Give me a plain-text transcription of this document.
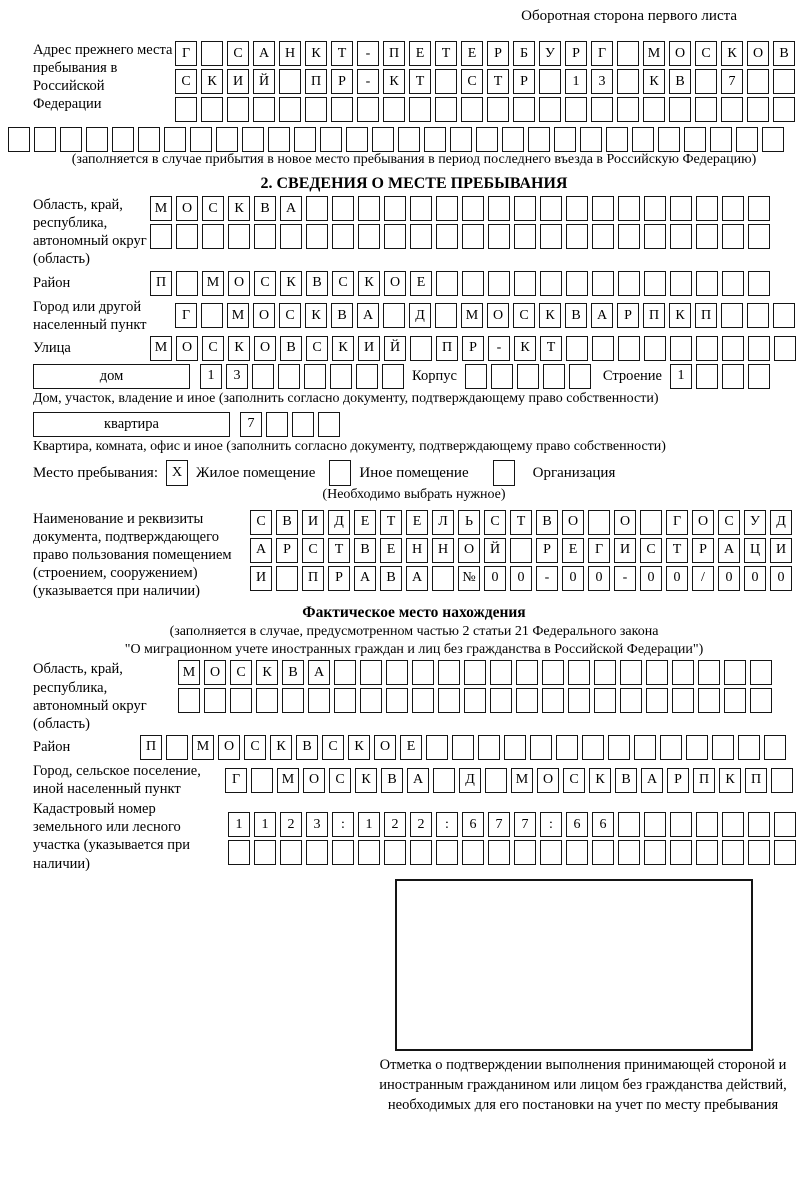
Оборотная сторона первого листа
Адрес прежнего места пребывания в Российской Федерации
Г	С	А	Н	К	Т	-	П	Е	Т	Е	Р	Б	У	Р	Г	М	О	С	К	О	В
С	К	И	Й	П	Р	-	К	Т	С	Т	Р	1	3	К	В	7
(заполняется в случае прибытия в новое место пребывания в период последнего въезда в Российскую Федерацию)
2. СВЕДЕНИЯ О МЕСТЕ ПРЕБЫВАНИЯ
Область, край, республика, автономный округ (область)
М	О	С	К	В	А
Район	П	М	О	С	К	В	С	К	О	Е
Город или другой населенный пункт
Г	М	О	С	К	В	А	Д	М	О	С	К	В	А	Р	П	К	П
Улица	М	О	С	К	О	В	С	К	И	Й	П	Р	-	К	Т
дом	1	3	Корпус	Строение	1
Дом, участок, владение и иное (заполнить согласно документу, подтверждающему право собственности)
квартира	7
Квартира, комната, офис и иное (заполнить согласно документу, подтверждающему право собственности)
Место пребывания: X Жилое помещение	Иное помещение	Организация
(Необходимо выбрать нужное)
Наименование и реквизиты документа, подтверждающего право пользования помещением (строением, сооружением) (указывается при наличии)
С	В	И	Д	Е	Т	Е	Л	Ь	С	Т	В	О	О	Г	О	С	У	Д
А	Р	С	Т	В	Е	Н	Н	О	Й	Р	Е	Г	И	С	Т	Р	А	Ц	И
И	П	Р	А	В	А	№	0	0	-	0	0	-	0	0	/	0	0	0
Фактическое место нахождения
(заполняется в случае, предусмотренном частью 2 статьи 21 Федерального закона
"О миграционном учете иностранных граждан и лиц без гражданства в Российской Федерации")
Область, край, республика, автономный округ (область)
М	О	С	К	В	А
Район	П	М	О	С	К	В	С	К	О	Е
Город, сельское поселение, иной населенный пункт
Г	М	О	С	К	В	А	Д	М	О	С	К	В	А	Р	П	К	П
Кадастровый номер земельного или лесного участка (указывается при наличии)
1	1	2	3	:	1	2	2	:	6	7	7	:	6	6
Отметка о подтверждении выполнения принимающей стороной и иностранным гражданином или лицом без гражданства действий, необходимых для его постановки на учет по месту пребывания
